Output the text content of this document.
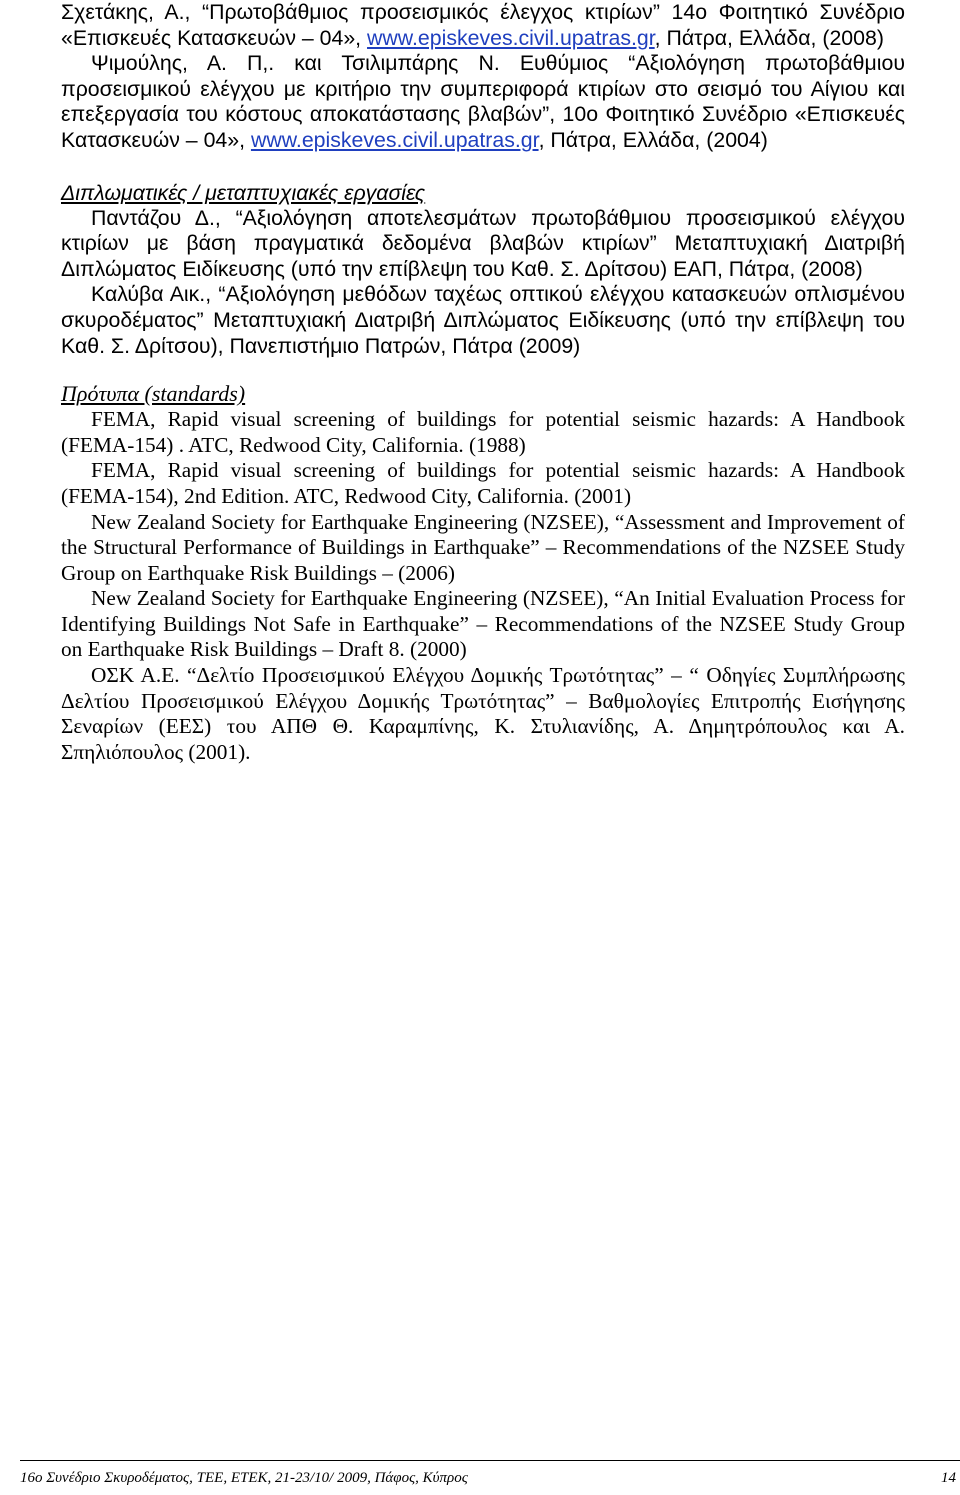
Σχετάκης, Α., “Πρωτοβάθμιος προσεισμικός έλεγχος κτιρίων” 14ο Φοιτητικό Συνέδριο «Επισκευές Κατασκευών – 04», www.episkeves.civil.upatras.gr, Πάτρα, Ελλάδα, (2008)

Ψιμούλης, Α. Π,. και Τσιλιμπάρης Ν. Ευθύμιος “Αξιολόγηση πρωτοβάθμιου προσεισμικού ελέγχου με κριτήριο την συμπεριφορά κτιρίων στο σεισμό του Αίγιου και επεξεργασία του κόστους αποκατάστασης βλαβών”, 10ο Φοιτητικό Συνέδριο «Επισκευές Κατασκευών – 04», www.episkeves.civil.upatras.gr, Πάτρα, Ελλάδα, (2004)

Διπλωματικές / μεταπτυχιακές εργασίες

Παντάζου Δ., “Αξιολόγηση αποτελεσμάτων πρωτοβάθμιου προσεισμικού ελέγχου κτιρίων με βάση πραγματικά δεδομένα βλαβών κτιρίων” Μεταπτυχιακή Διατριβή Διπλώματος Ειδίκευσης (υπό την επίβλεψη του Καθ. Σ. Δρίτσου) ΕΑΠ, Πάτρα, (2008)

Καλύβα Αικ., “Αξιολόγηση μεθόδων ταχέως οπτικού ελέγχου κατασκευών οπλισμένου σκυροδέματος” Μεταπτυχιακή Διατριβή Διπλώματος Ειδίκευσης (υπό την επίβλεψη του Καθ. Σ. Δρίτσου), Πανεπιστήμιο Πατρών, Πάτρα (2009)

Πρότυπα (standards)

FEMA, Rapid visual screening of buildings for potential seismic hazards: A Handbook (FEMA-154) . ATC, Redwood City, California. (1988)

FEMA, Rapid visual screening of buildings for potential seismic hazards: A Handbook (FEMA-154), 2nd Edition. ATC, Redwood City, California. (2001)

New Zealand Society for Earthquake Engineering (NZSEE), “Assessment and Improvement of the Structural Performance of Buildings in Earthquake” – Recommendations of the NZSEE Study Group on Earthquake Risk Buildings – (2006)

New Zealand Society for Earthquake Engineering (NZSEE), “An Initial Evaluation Process for Identifying Buildings Not Safe in Earthquake” – Recommendations of the NZSEE Study Group on Earthquake Risk Buildings – Draft 8. (2000)

ΟΣΚ Α.Ε. “Δελτίο Προσεισμικού Ελέγχου Δομικής Τρωτότητας” – “ Οδηγίες Συμπλήρωσης Δελτίου Προσεισμικού Ελέγχου Δομικής Τρωτότητας” – Βαθμολογίες Επιτροπής Εισήγησης Σεναρίων (ΕΕΣ) του ΑΠΘ Θ. Καραμπίνης, Κ. Στυλιανίδης, Α. Δημητρόπουλος και Α. Σπηλιόπουλος (2001).

16ο Συνέδριο Σκυροδέματος, ΤΕΕ, ΕΤΕΚ, 21-23/10/ 2009, Πάφος, Κύπρος	14
